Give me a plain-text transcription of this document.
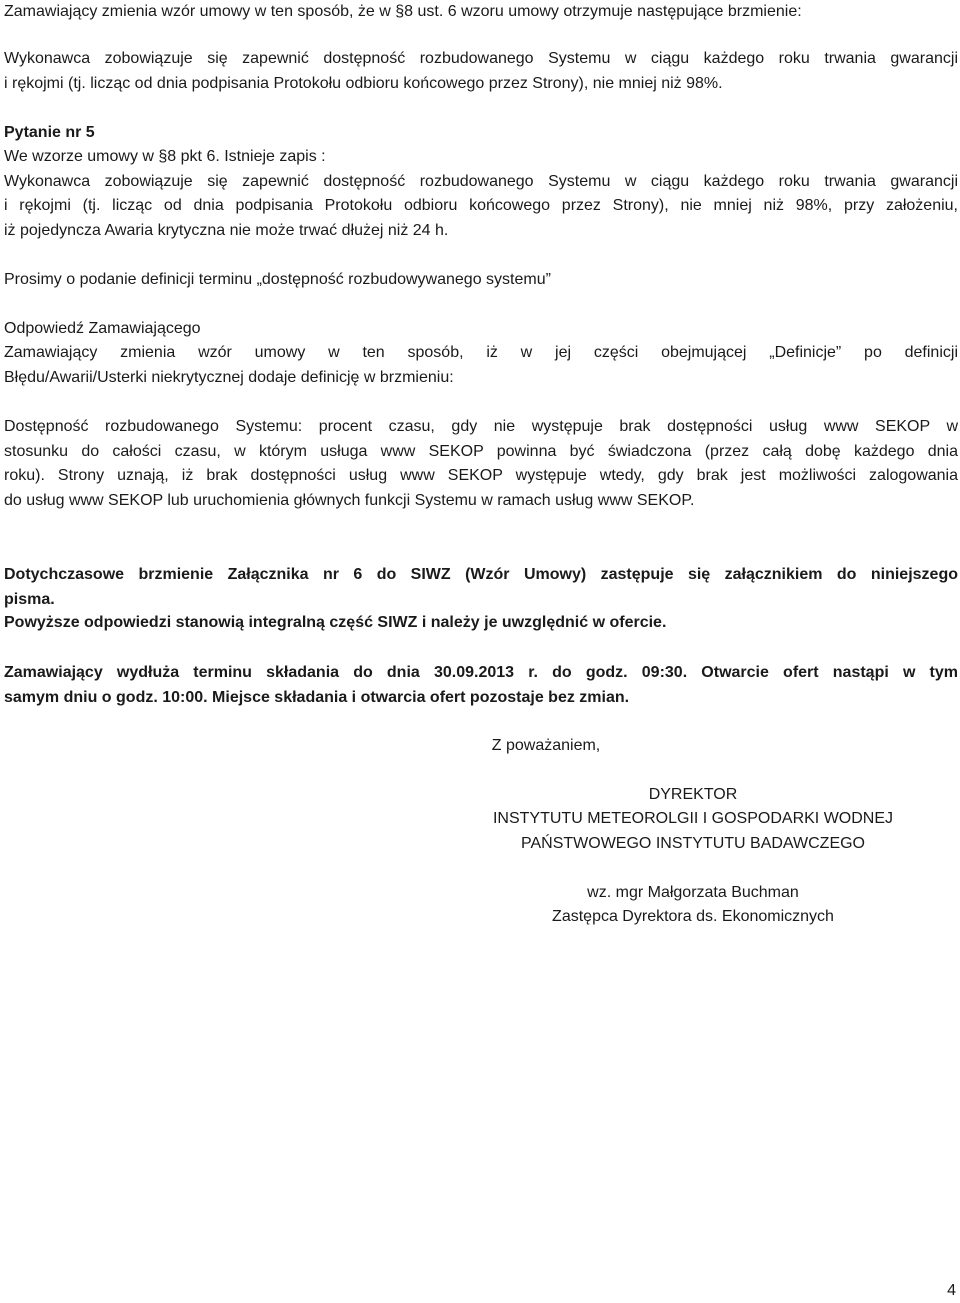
Zamawiający zmienia wzór umowy w ten sposób, że w §8 ust. 6 wzoru umowy otrzymuje następujące brzmienie:

Wykonawca zobowiązuje się zapewnić dostępność rozbudowanego Systemu w ciągu każdego roku trwania gwarancji
i rękojmi (tj. licząc od dnia podpisania Protokołu odbioru końcowego przez Strony), nie mniej niż 98%.

Pytanie nr 5

We wzorze umowy w §8 pkt 6. Istnieje zapis :
Wykonawca zobowiązuje się zapewnić dostępność rozbudowanego Systemu w ciągu każdego roku trwania gwarancji
i rękojmi (tj. licząc od dnia podpisania Protokołu odbioru końcowego przez Strony), nie mniej niż 98%, przy założeniu,
iż pojedyncza Awaria krytyczna nie może trwać dłużej niż 24 h.

Prosimy o podanie definicji terminu „dostępność rozbudowywanego systemu”

Odpowiedź Zamawiającego

Zamawiający zmienia wzór umowy w ten sposób, iż w jej części obejmującej „Definicje” po definicji
Błędu/Awarii/Usterki niekrytycznej dodaje definicję w brzmieniu:

Dostępność rozbudowanego Systemu: procent czasu, gdy nie występuje brak dostępności usług www SEKOP w
stosunku do całości czasu, w którym usługa www SEKOP powinna być świadczona (przez całą dobę każdego dnia
roku). Strony uznają, iż brak dostępności usług www SEKOP występuje wtedy, gdy brak jest możliwości zalogowania
do usług www SEKOP lub uruchomienia głównych funkcji Systemu w ramach usług www SEKOP.

Dotychczasowe brzmienie Załącznika nr 6 do SIWZ (Wzór Umowy) zastępuje się załącznikiem do niniejszego
pisma.

Powyższe odpowiedzi stanowią integralną część SIWZ i należy je uwzględnić w ofercie.

Zamawiający wydłuża terminu składania do dnia 30.09.2013 r. do godz. 09:30. Otwarcie ofert nastąpi w tym
samym dniu o godz. 10:00. Miejsce składania i otwarcia ofert pozostaje bez zmian.

Z poważaniem,
DYREKTOR
INSTYTUTU METEOROLGII I GOSPODARKI WODNEJ
PAŃSTWOWEGO INSTYTUTU BADAWCZEGO
wz. mgr Małgorzata Buchman
Zastępca Dyrektora ds. Ekonomicznych
4
